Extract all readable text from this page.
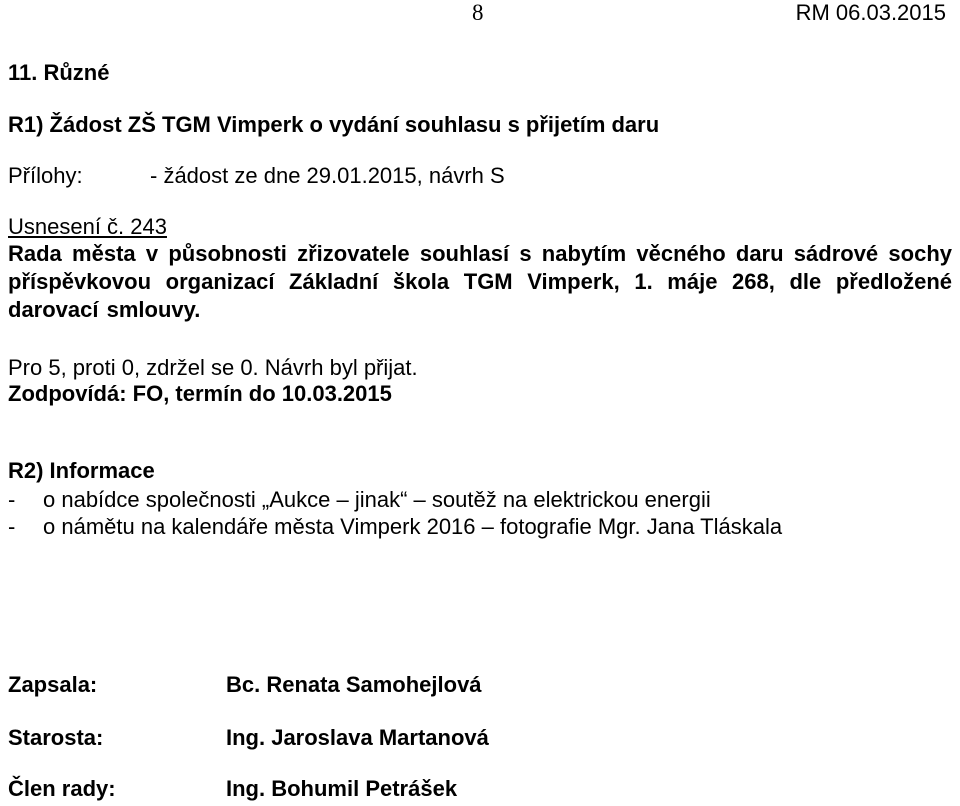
8	RM 06.03.2015
11. Různé
R1) Žádost ZŠ TGM Vimperk o vydání souhlasu s přijetím daru
Přílohy:	- žádost ze dne 29.01.2015, návrh S
Usnesení č. 243
Rada města v působnosti zřizovatele souhlasí s nabytím věcného daru sádrové sochy příspěvkovou organizací Základní škola TGM Vimperk, 1. máje 268, dle předložené darovací smlouvy.
Pro 5, proti 0, zdržel se 0. Návrh byl přijat.
Zodpovídá: FO, termín do 10.03.2015
R2) Informace
-	o nabídce společnosti „Aukce – jinak“ – soutěž na elektrickou energii
-	o námětu na kalendáře města Vimperk 2016 – fotografie Mgr. Jana Tláskala
Zapsala:	Bc. Renata Samohejlová
Starosta:	Ing. Jaroslava Martanová
Člen rady:	Ing. Bohumil Petrášek
